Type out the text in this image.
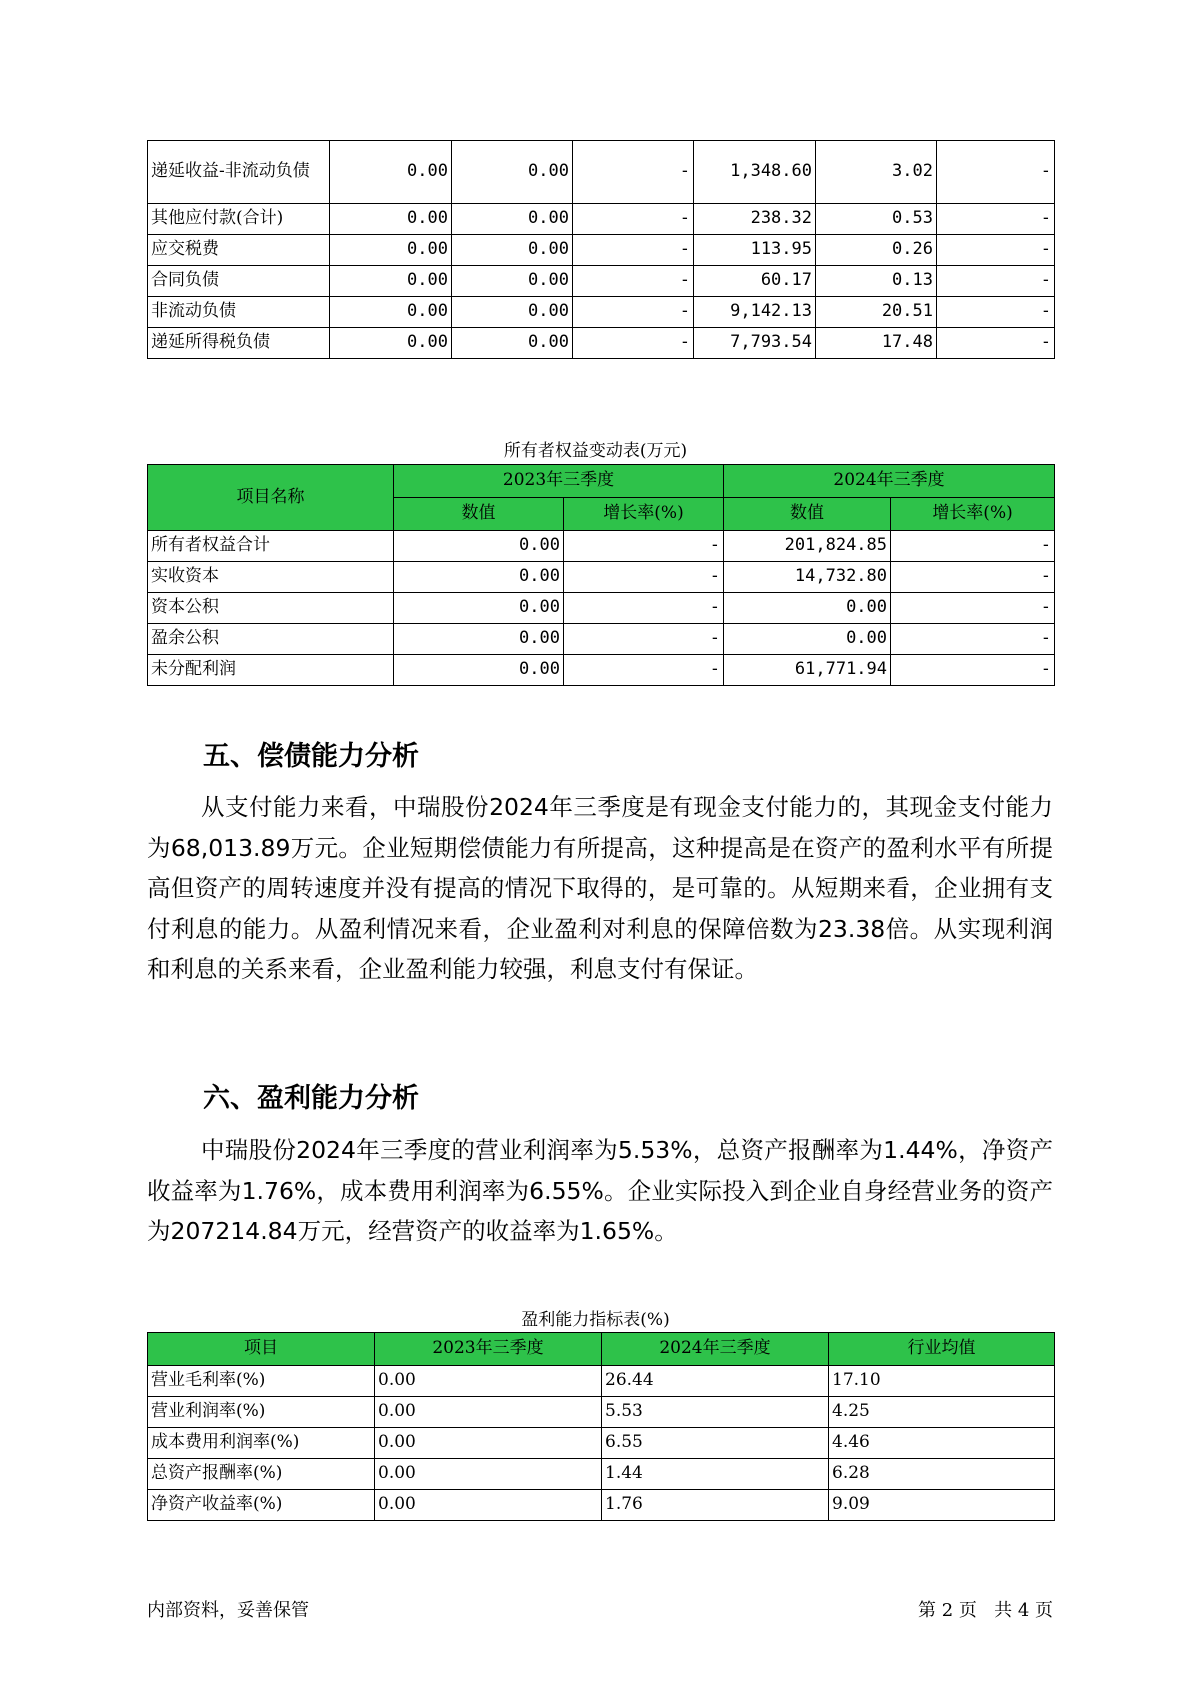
递延收益-非流动负债	0.00	0.00	-	1,348.60	3.02	-
其他应付款(合计)	0.00	0.00	-	238.32	0.53	-
应交税费	0.00	0.00	-	113.95	0.26	-
合同负债	0.00	0.00	-	60.17	0.13	-
非流动负债	0.00	0.00	-	9,142.13	20.51	-
递延所得税负债	0.00	0.00	-	7,793.54	17.48	-
所有者权益变动表(万元)
项目名称	2023年三季度		2024年三季度	
	数值	增长率(%)	数值	增长率(%)
所有者权益合计	0.00	-	201,824.85	-
实收资本	0.00	-	14,732.80	-
资本公积	0.00	-	0.00	-
盈余公积	0.00	-	0.00	-
未分配利润	0.00	-	61,771.94	-
五、偿债能力分析

从支付能力来看，中瑞股份2024年三季度是有现金支付能力的，其现金支付能力为68,013.89万元。企业短期偿债能力有所提高，这种提高是在资产的盈利水平有所提高但资产的周转速度并没有提高的情况下取得的，是可靠的。从短期来看，企业拥有支付利息的能力。从盈利情况来看，企业盈利对利息的保障倍数为23.38倍。从实现利润和利息的关系来看，企业盈利能力较强，利息支付有保证。

六、盈利能力分析

中瑞股份2024年三季度的营业利润率为5.53%，总资产报酬率为1.44%，净资产收益率为1.76%，成本费用利润率为6.55%。企业实际投入到企业自身经营业务的资产为207214.84万元，经营资产的收益率为1.65%。

盈利能力指标表(%)
项目	2023年三季度	2024年三季度	行业均值
营业毛利率(%)	0.00	26.44	17.10
营业利润率(%)	0.00	5.53	4.25
成本费用利润率(%)	0.00	6.55	4.46
总资产报酬率(%)	0.00	1.44	6.28
净资产收益率(%)	0.00	1.76	9.09
内部资料，妥善保管	第 2 页   共 4 页
